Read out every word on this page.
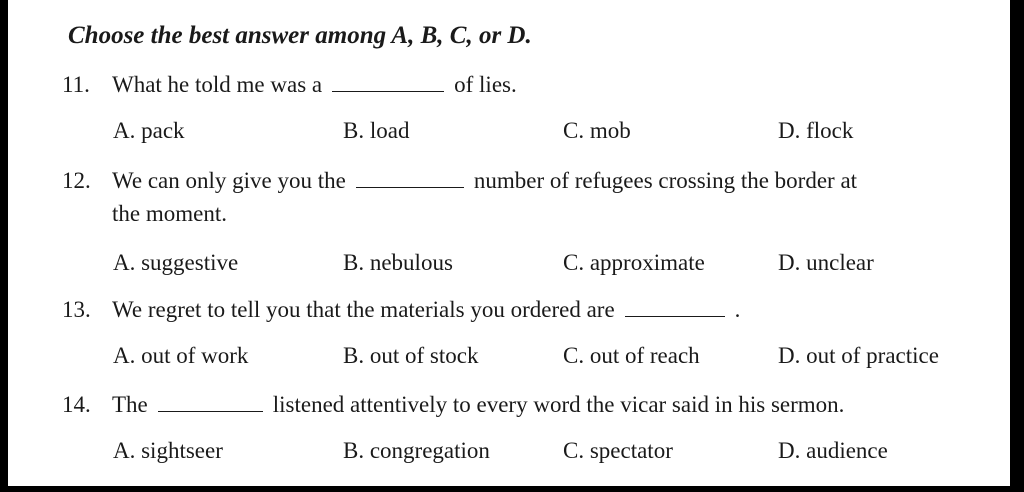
Choose the best answer among A, B, C, or D.
11. What he told me was a	of lies.
A. pack	B. load	C. mob	D. flock
12. We can only give you the	number of refugees crossing the border at
the moment.
A. suggestive	B. nebulous	C. approximate	D. unclear
13. We regret to tell you that the materials you ordered are	.
A. out of work	B. out of stock	C. out of reach	D. out of practice
14. The	listened attentively to every word the vicar said in his sermon.
A. sightseer	B. congregation	C. spectator	D. audience
